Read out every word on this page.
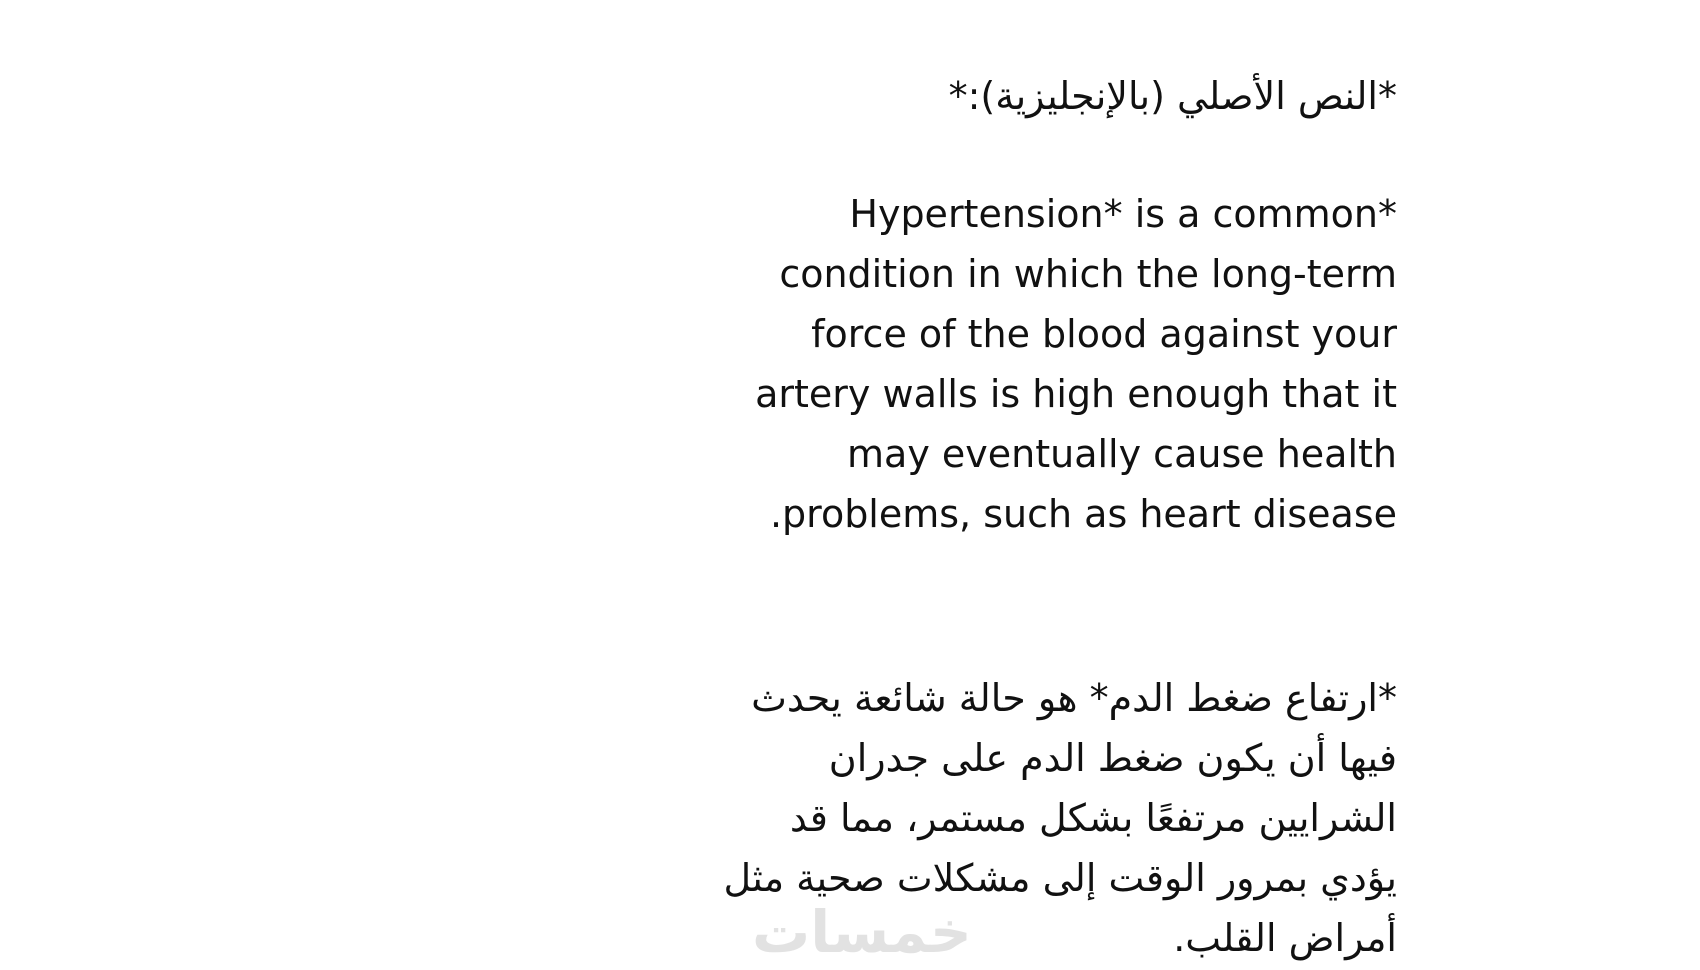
*النص الأصلي (بالإنجليزية):*
*Hypertension* is a common
condition in which the long-term
force of the blood against your
artery walls is high enough that it
may eventually cause health
problems, such as heart disease.
*ارتفاع ضغط الدم* هو حالة شائعة يحدث
فيها أن يكون ضغط الدم على جدران
الشرايين مرتفعًا بشكل مستمر، مما قد
يؤدي بمرور الوقت إلى مشكلات صحية مثل
أمراض القلب.
خمسات
